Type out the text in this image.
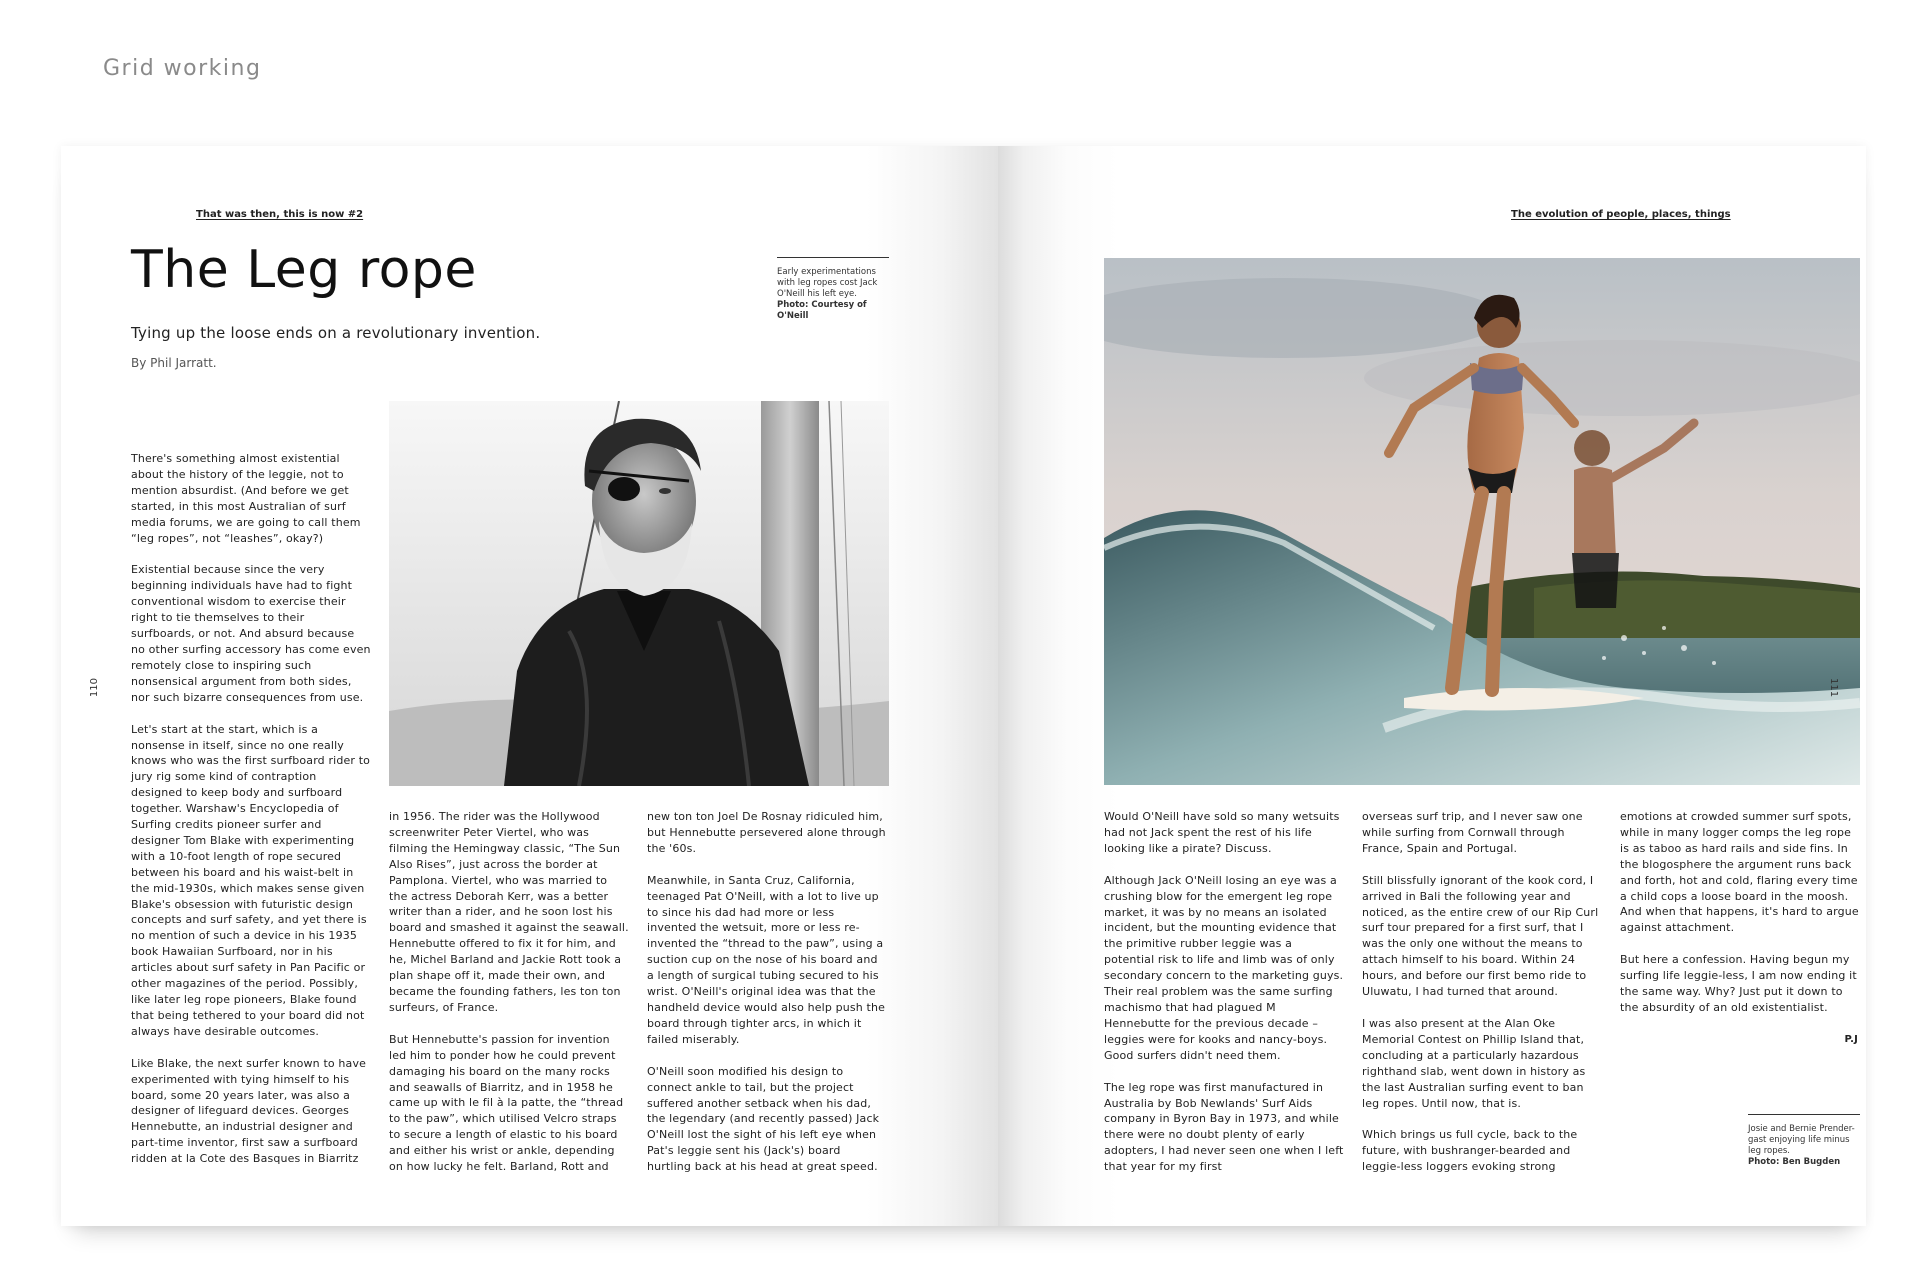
Grid working
That was then, this is now #2
The Leg rope
Tying up the loose ends on a revolutionary invention.
By Phil Jarratt.
Early experimentations with leg ropes cost Jack O'Neill his left eye.
Photo: Courtesy of O'Neill
110

There's something almost existential about the history of the leggie, not to mention absurdist. (And before we get started, in this most Australian of surf media forums, we are going to call them “leg ropes”, not “leashes”, okay?)

Existential because since the very beginning individuals have had to fight conventional wisdom to exercise their right to tie themselves to their surfboards, or not. And absurd because no other surfing accessory has come even remotely close to inspiring such nonsensical argument from both sides, nor such bizarre consequences from use.

Let's start at the start, which is a nonsense in itself, since no one really knows who was the first surfboard rider to jury rig some kind of contraption designed to keep body and surfboard together. Warshaw's Encyclopedia of Surfing credits pioneer surfer and designer Tom Blake with experimenting with a 10-foot length of rope secured between his board and his waist-belt in the mid-1930s, which makes sense given Blake's obsession with futuristic design concepts and surf safety, and yet there is no mention of such a device in his 1935 book Hawaiian Surfboard, nor in his articles about surf safety in Pan Pacific or other magazines of the period. Possibly, like later leg rope pioneers, Blake found that being tethered to your board did not always have desirable outcomes.

Like Blake, the next surfer known to have experimented with tying himself to his board, some 20 years later, was also a designer of lifeguard devices. Georges Hennebutte, an industrial designer and part-time inventor, first saw a surfboard ridden at la Cote des Basques in Biarritz

in 1956. The rider was the Hollywood screenwriter Peter Viertel, who was filming the Hemingway classic, “The Sun Also Rises”, just across the border at Pamplona. Viertel, who was married to the actress Deborah Kerr, was a better writer than a rider, and he soon lost his board and smashed it against the seawall. Hennebutte offered to fix it for him, and he, Michel Barland and Jackie Rott took a plan shape off it, made their own, and became the founding fathers, les ton ton surfeurs, of France.

But Hennebutte's passion for invention led him to ponder how he could prevent damaging his board on the many rocks and seawalls of Biarritz, and in 1958 he came up with le fil à la patte, the “thread to the paw”, which utilised Velcro straps to secure a length of elastic to his board and either his wrist or ankle, depending on how lucky he felt. Barland, Rott and

new ton ton Joel De Rosnay ridiculed him, but Hennebutte persevered alone through the '60s.

Meanwhile, in Santa Cruz, California, teenaged Pat O'Neill, with a lot to live up to since his dad had more or less invented the wetsuit, more or less re-invented the “thread to the paw”, using a suction cup on the nose of his board and a length of surgical tubing secured to his wrist. O'Neill's original idea was that the handheld device would also help push the board through tighter arcs, in which it failed miserably.

O'Neill soon modified his design to connect ankle to tail, but the project suffered another setback when his dad, the legendary (and recently passed) Jack O'Neill lost the sight of his left eye when Pat's leggie sent his (Jack's) board hurtling back at his head at great speed.

The evolution of people, places, things

Would O'Neill have sold so many wetsuits had not Jack spent the rest of his life looking like a pirate? Discuss.

Although Jack O'Neill losing an eye was a crushing blow for the emergent leg rope market, it was by no means an isolated incident, but the mounting evidence that the primitive rubber leggie was a potential risk to life and limb was of only secondary concern to the marketing guys. Their real problem was the same surfing machismo that had plagued M Hennebutte for the previous decade – leggies were for kooks and nancy-boys. Good surfers didn't need them.

The leg rope was first manufactured in Australia by Bob Newlands' Surf Aids company in Byron Bay in 1973, and while there were no doubt plenty of early adopters, I had never seen one when I left that year for my first

overseas surf trip, and I never saw one while surfing from Cornwall through France, Spain and Portugal.

Still blissfully ignorant of the kook cord, I arrived in Bali the following year and noticed, as the entire crew of our Rip Curl surf tour prepared for a first surf, that I was the only one without the means to attach himself to his board. Within 24 hours, and before our first bemo ride to Uluwatu, I had turned that around.

I was also present at the Alan Oke Memorial Contest on Phillip Island that, concluding at a particularly hazardous righthand slab, went down in history as the last Australian surfing event to ban leg ropes. Until now, that is.

Which brings us full cycle, back to the future, with bushranger-bearded and leggie-less loggers evoking strong

emotions at crowded summer surf spots, while in many logger comps the leg rope is as taboo as hard rails and side fins. In the blogosphere the argument runs back and forth, hot and cold, flaring every time a child cops a loose board in the moosh. And when that happens, it's hard to argue against attachment.

But here a confession. Having begun my surfing life leggie-less, I am now ending it the same way. Why? Just put it down to the absurdity of an old existentialist.

P.J
Josie and Bernie Prender-gast enjoying life minus leg ropes.
Photo: Ben Bugden
111
